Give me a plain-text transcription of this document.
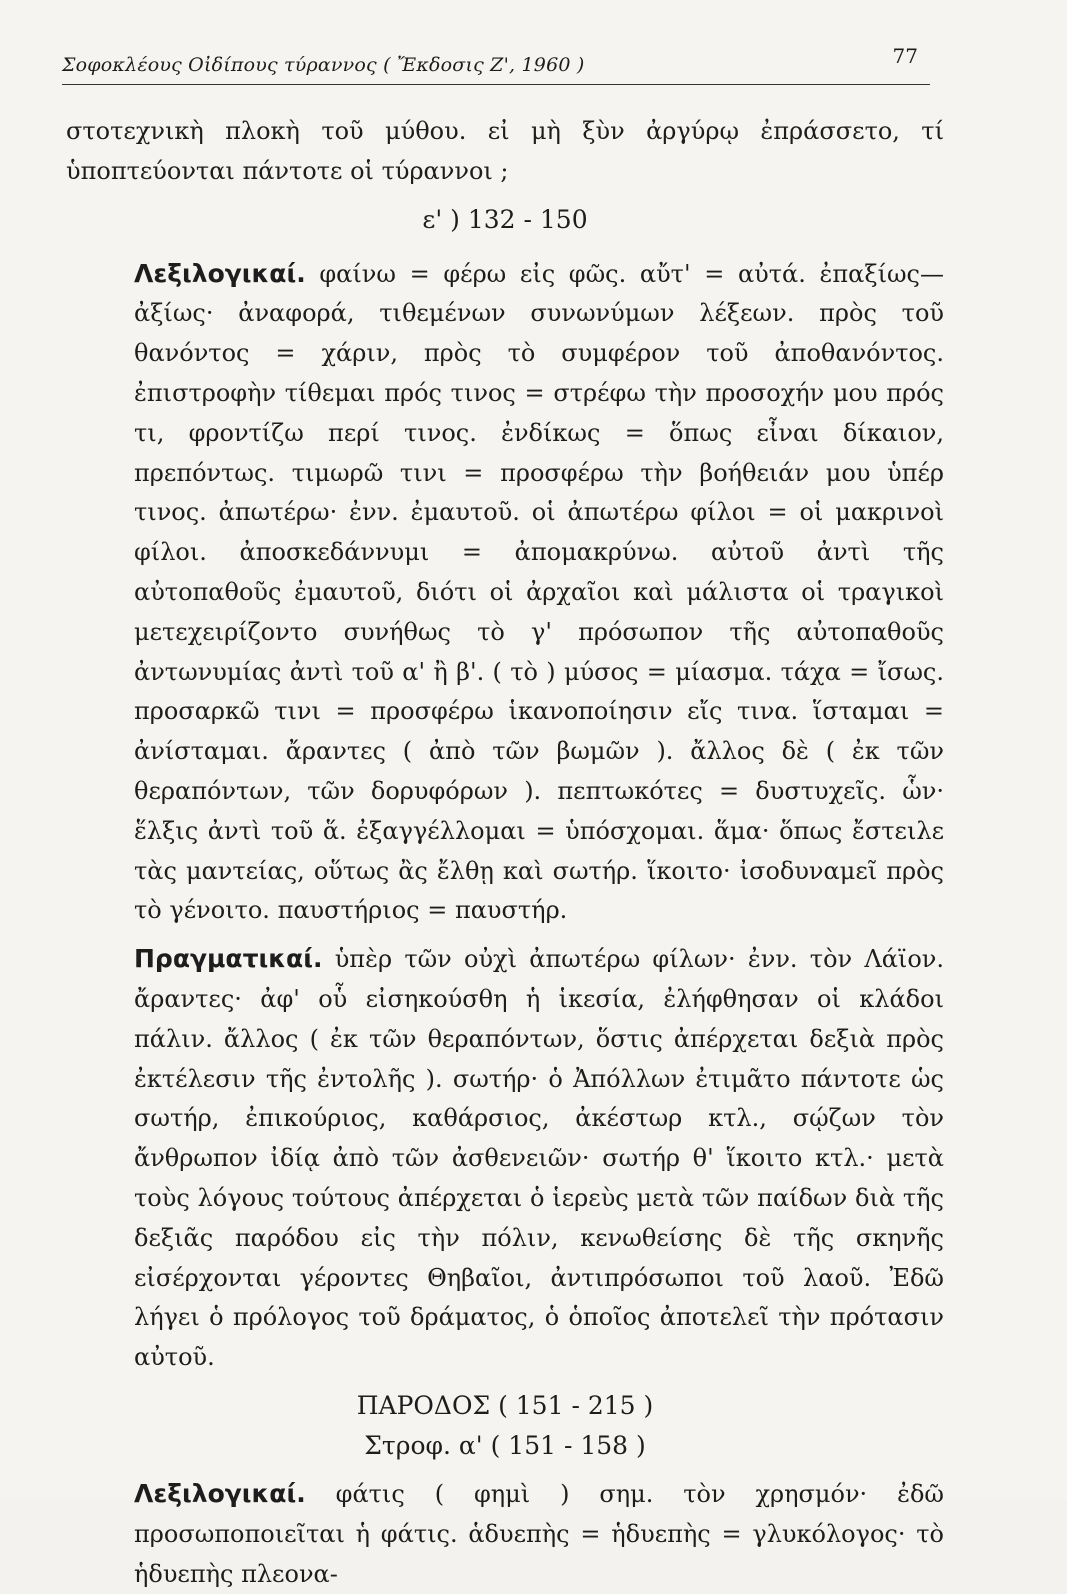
Σοφοκλέους Οἰδίπους τύραννος ( Ἔκδοσις Ζ', 1960 )	77

στοτεχνικὴ πλοκὴ τοῦ μύθου. εἰ μὴ ξὺν ἀργύρῳ ἐπράσσετο, τί ὑποπτεύονται πάντοτε οἱ τύραννοι ;

ε' ) 132 - 150

Λεξιλογικαί. φαίνω = φέρω εἰς φῶς. αὔτ' = αὐτά. ἐπαξίως—ἀξίως· ἀναφορά, τιθεμένων συνωνύμων λέξεων. πρὸς τοῦ θανόντος = χάριν, πρὸς τὸ συμφέρον τοῦ ἀποθανόντος. ἐπιστροφὴν τίθεμαι πρός τινος = στρέφω τὴν προσοχήν μου πρός τι, φροντίζω περί τινος. ἐνδίκως = ὅπως εἶναι δίκαιον, πρεπόντως. τιμωρῶ τινι = προσφέρω τὴν βοήθειάν μου ὑπέρ τινος. ἀπωτέρω· ἐνν. ἐμαυτοῦ. οἱ ἀπωτέρω φίλοι = οἱ μακρινοὶ φίλοι. ἀποσκεδάννυμι = ἀπομακρύνω. αὐτοῦ ἀντὶ τῆς αὐτοπαθοῦς ἐμαυτοῦ, διότι οἱ ἀρχαῖοι καὶ μάλιστα οἱ τραγικοὶ μετεχειρίζοντο συνήθως τὸ γ' πρόσωπον τῆς αὐτοπαθοῦς ἀντωνυμίας ἀντὶ τοῦ α' ἢ β'. ( τὸ ) μύσος = μίασμα. τάχα = ἴσως. προσαρκῶ τινι = προσφέρω ἱκανοποίησιν εἴς τινα. ἵσταμαι = ἀνίσταμαι. ἄραντες ( ἀπὸ τῶν βωμῶν ). ἄλλος δὲ ( ἐκ τῶν θεραπόντων, τῶν δορυφόρων ). πεπτωκότες = δυστυχεῖς. ὧν· ἕλξις ἀντὶ τοῦ ἅ. ἐξαγγέλλομαι = ὑπόσχομαι. ἅμα· ὅπως ἔστειλε τὰς μαντείας, οὕτως ἂς ἔλθῃ καὶ σωτήρ. ἵκοιτο· ἰσοδυναμεῖ πρὸς τὸ γένοιτο. παυστήριος = παυστήρ.

Πραγματικαί. ὑπὲρ τῶν οὐχὶ ἀπωτέρω φίλων· ἐνν. τὸν Λάϊον. ἄραντες· ἀφ' οὗ εἰσηκούσθη ἡ ἱκεσία, ἐλήφθησαν οἱ κλάδοι πάλιν. ἄλλος ( ἐκ τῶν θεραπόντων, ὅστις ἀπέρχεται δεξιὰ πρὸς ἐκτέλεσιν τῆς ἐντολῆς ). σωτήρ· ὁ Ἀπόλλων ἐτιμᾶτο πάντοτε ὡς σωτήρ, ἐπικούριος, καθάρσιος, ἀκέστωρ κτλ., σῴζων τὸν ἄνθρωπον ἰδίᾳ ἀπὸ τῶν ἀσθενειῶν· σωτήρ θ' ἵκοιτο κτλ.· μετὰ τοὺς λόγους τούτους ἀπέρχεται ὁ ἱερεὺς μετὰ τῶν παίδων διὰ τῆς δεξιᾶς παρόδου εἰς τὴν πόλιν, κενωθείσης δὲ τῆς σκηνῆς εἰσέρχονται γέροντες Θηβαῖοι, ἀντιπρόσωποι τοῦ λαοῦ. Ἐδῶ λήγει ὁ πρόλογος τοῦ δράματος, ὁ ὁποῖος ἀποτελεῖ τὴν πρότασιν αὐτοῦ.

ΠΑΡΟΔΟΣ ( 151 - 215 )

Στροφ. α' ( 151 - 158 )

Λεξιλογικαί. φάτις ( φημὶ ) σημ. τὸν χρησμόν· ἐδῶ προσωποποιεῖται ἡ φάτις. ἁδυεπὴς = ἡδυεπὴς = γλυκόλογος· τὸ ἡδυεπὴς πλεονα-
